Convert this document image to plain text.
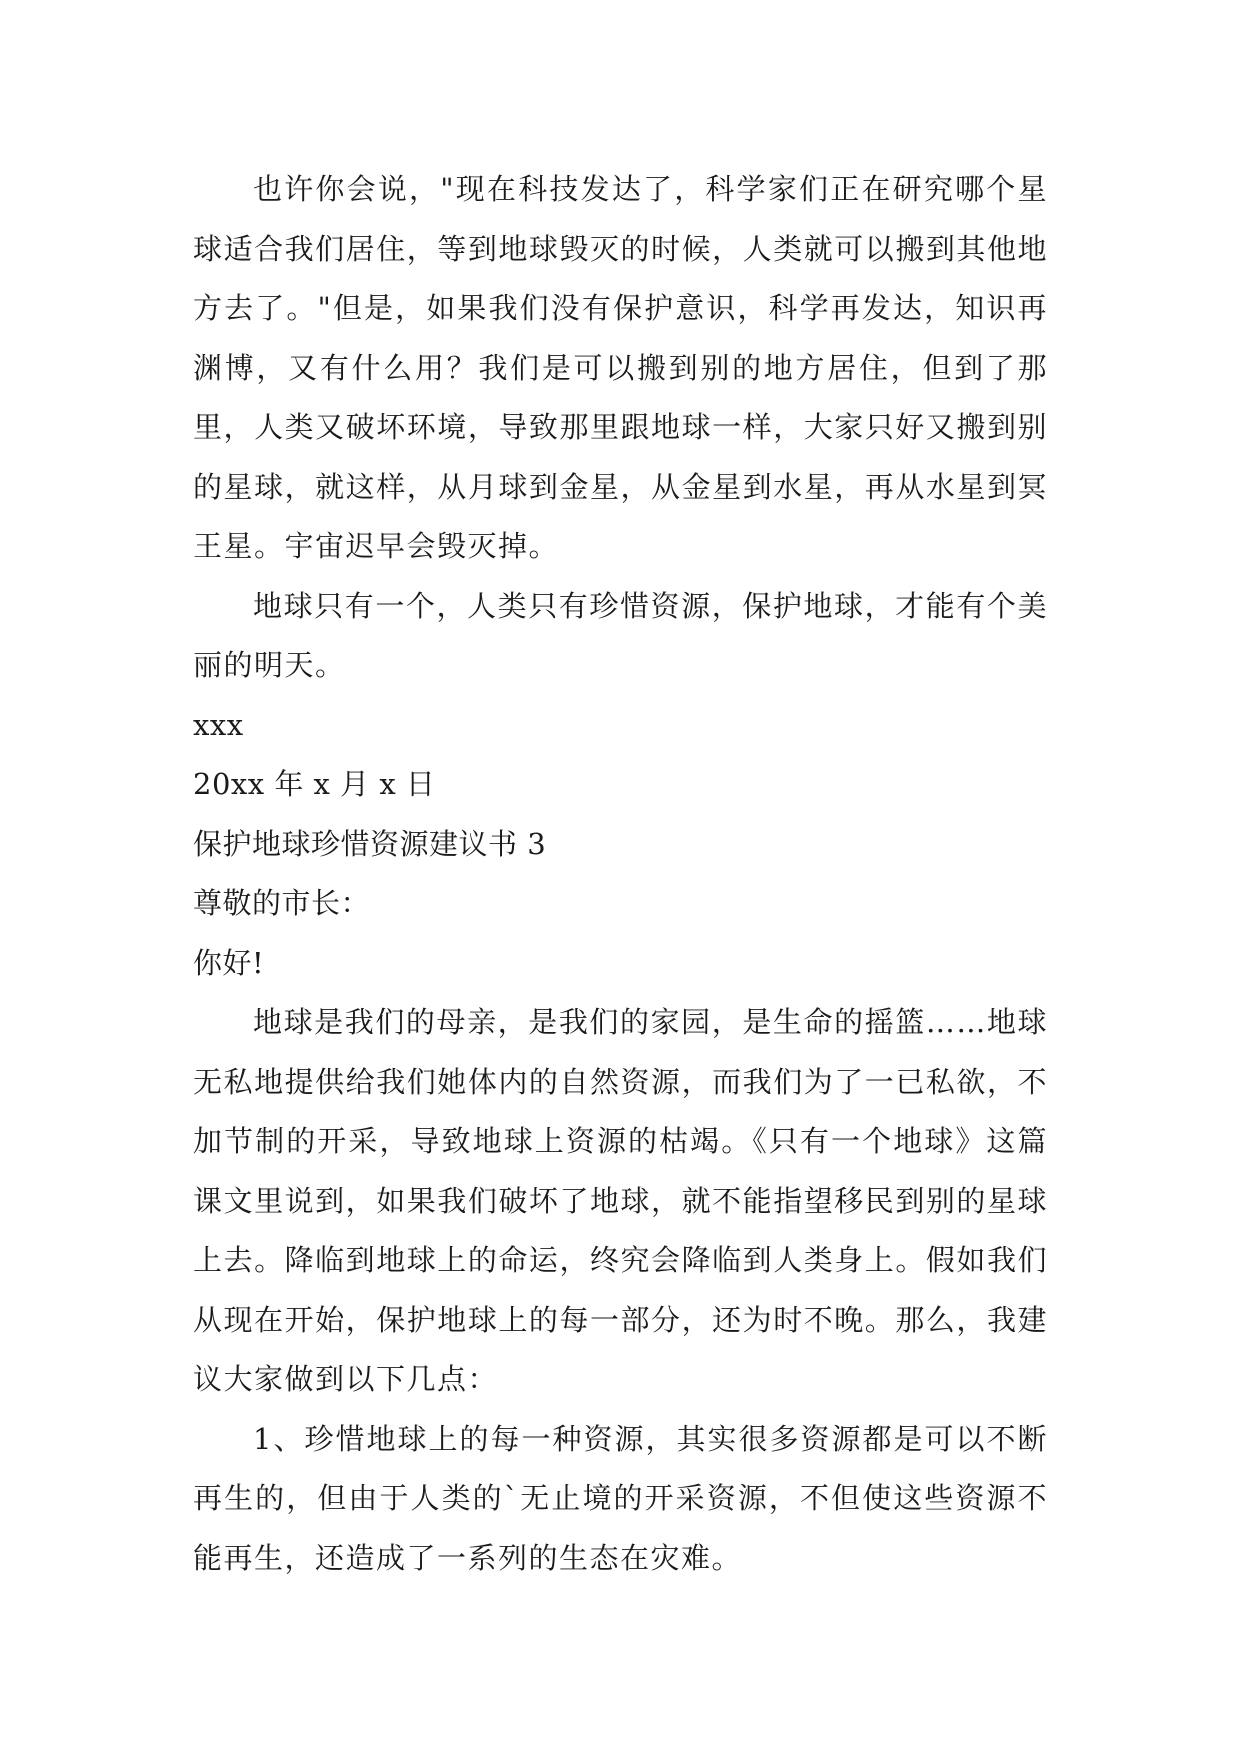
也许你会说，"现在科技发达了，科学家们正在研究哪个星球适合我们居住，等到地球毁灭的时候，人类就可以搬到其他地方去了。"但是，如果我们没有保护意识，科学再发达，知识再渊博，又有什么用？我们是可以搬到别的地方居住，但到了那里，人类又破坏环境，导致那里跟地球一样，大家只好又搬到别的星球，就这样，从月球到金星，从金星到水星，再从水星到冥王星。宇宙迟早会毁灭掉。

地球只有一个，人类只有珍惜资源，保护地球，才能有个美丽的明天。

xxx

20xx 年 x 月 x 日

保护地球珍惜资源建议书 3

尊敬的市长：

你好!

地球是我们的母亲，是我们的家园，是生命的摇篮……地球无私地提供给我们她体内的自然资源，而我们为了一已私欲，不加节制的开采，导致地球上资源的枯竭。《只有一个地球》这篇课文里说到，如果我们破坏了地球，就不能指望移民到别的星球上去。降临到地球上的命运，终究会降临到人类身上。假如我们从现在开始，保护地球上的每一部分，还为时不晚。那么，我建议大家做到以下几点：

1、珍惜地球上的每一种资源，其实很多资源都是可以不断再生的，但由于人类的`无止境的开采资源，不但使这些资源不能再生，还造成了一系列的生态在灾难。
